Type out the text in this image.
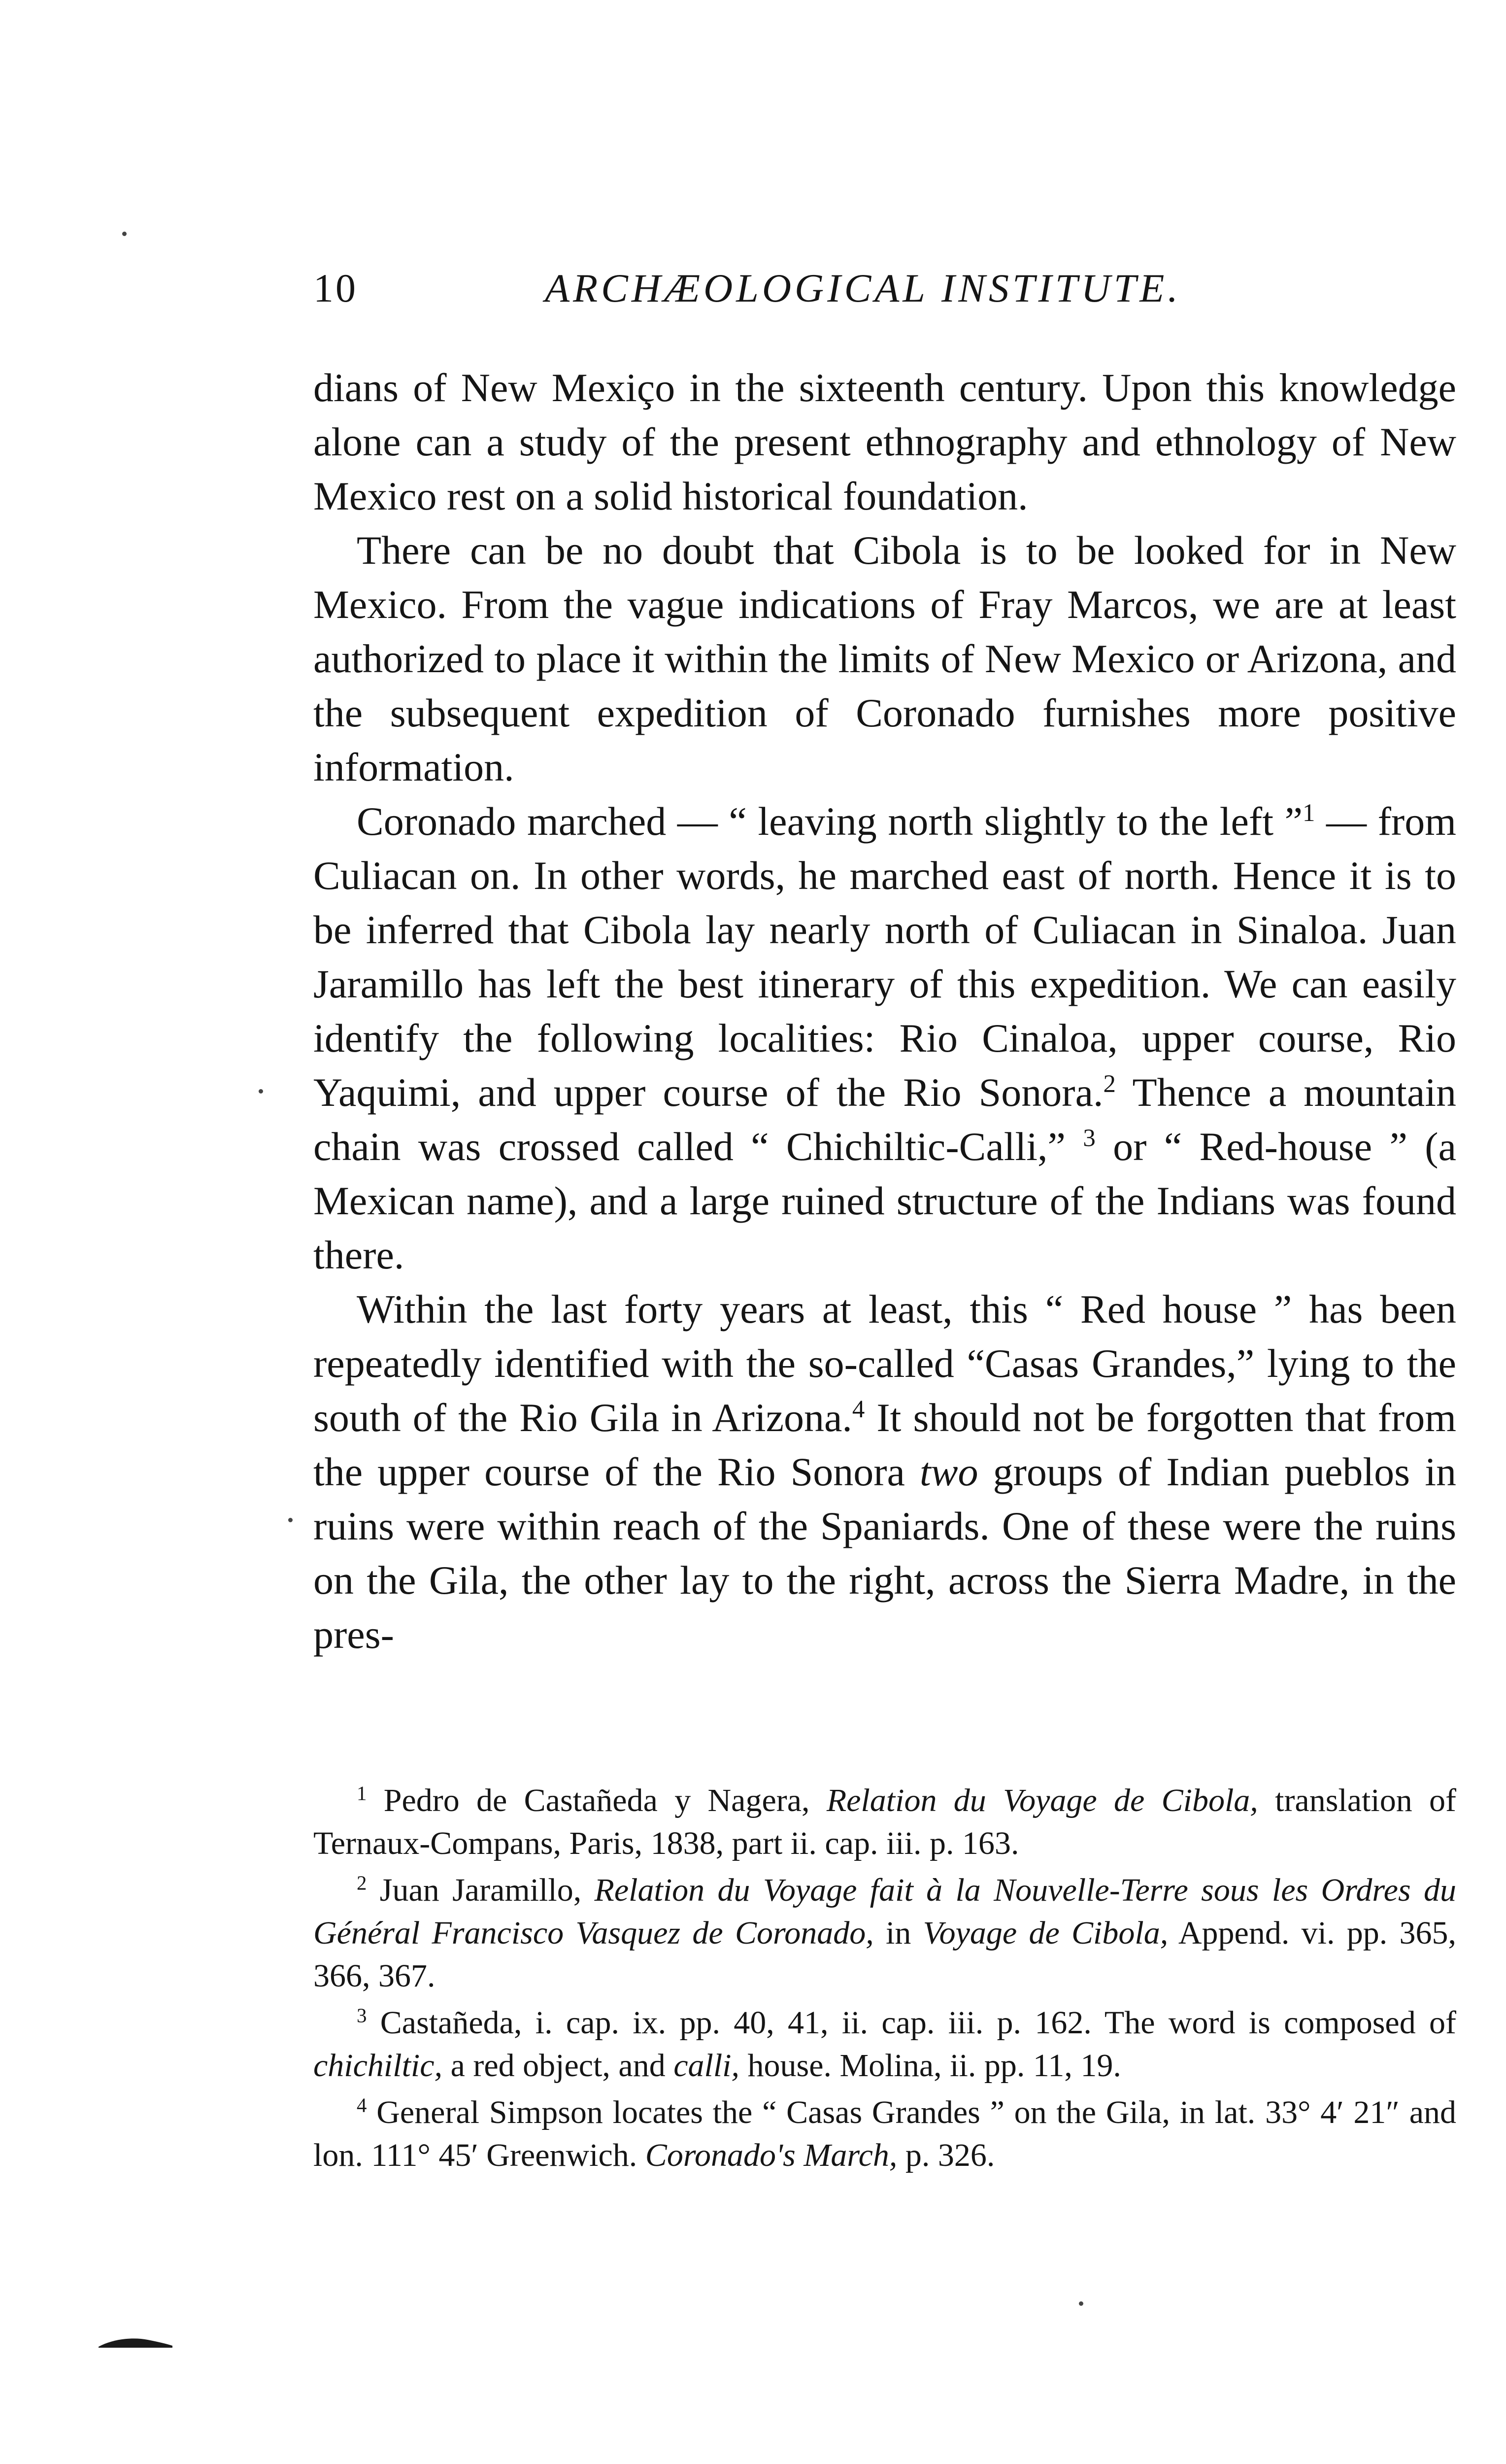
10	ARCHÆOLOGICAL INSTITUTE.

dians of New Mexiço in the sixteenth century. Upon this knowledge alone can a study of the present ethnography and ethnology of New Mexico rest on a solid historical foundation.

There can be no doubt that Cibola is to be looked for in New Mexico. From the vague indications of Fray Marcos, we are at least authorized to place it within the limits of New Mexico or Arizona, and the subsequent expedition of Coronado furnishes more positive information.

Coronado marched — “ leaving north slightly to the left ”$^1$ — from Culiacan on. In other words, he marched east of north. Hence it is to be inferred that Cibola lay nearly north of Culiacan in Sinaloa. Juan Jaramillo has left the best itinerary of this expedition. We can easily identify the following localities: Rio Cinaloa, upper course, Rio Yaquimi, and upper course of the Rio Sonora.$^2$ Thence a mountain chain was crossed called “ Chichiltic-Calli,” $^3$ or “ Red-house ” (a Mexican name), and a large ruined structure of the Indians was found there.

Within the last forty years at least, this “ Red house ” has been repeatedly identified with the so-called “Casas Grandes,” lying to the south of the Rio Gila in Arizona.$^4$ It should not be forgotten that from the upper course of the Rio Sonora two groups of Indian pueblos in ruins were within reach of the Spaniards. One of these were the ruins on the Gila, the other lay to the right, across the Sierra Madre, in the pres-

$^1$ Pedro de Castañeda y Nagera, Relation du Voyage de Cibola, translation of Ternaux-Compans, Paris, 1838, part ii. cap. iii. p. 163.

$^2$ Juan Jaramillo, Relation du Voyage fait à la Nouvelle-Terre sous les Ordres du Général Francisco Vasquez de Coronado, in Voyage de Cibola, Append. vi. pp. 365, 366, 367.

$^3$ Castañeda, i. cap. ix. pp. 40, 41, ii. cap. iii. p. 162. The word is composed of chichiltic, a red object, and calli, house. Molina, ii. pp. 11, 19.

$^4$ General Simpson locates the “ Casas Grandes ” on the Gila, in lat. 33° 4′ 21″ and lon. 111° 45′ Greenwich. Coronado's March, p. 326.
